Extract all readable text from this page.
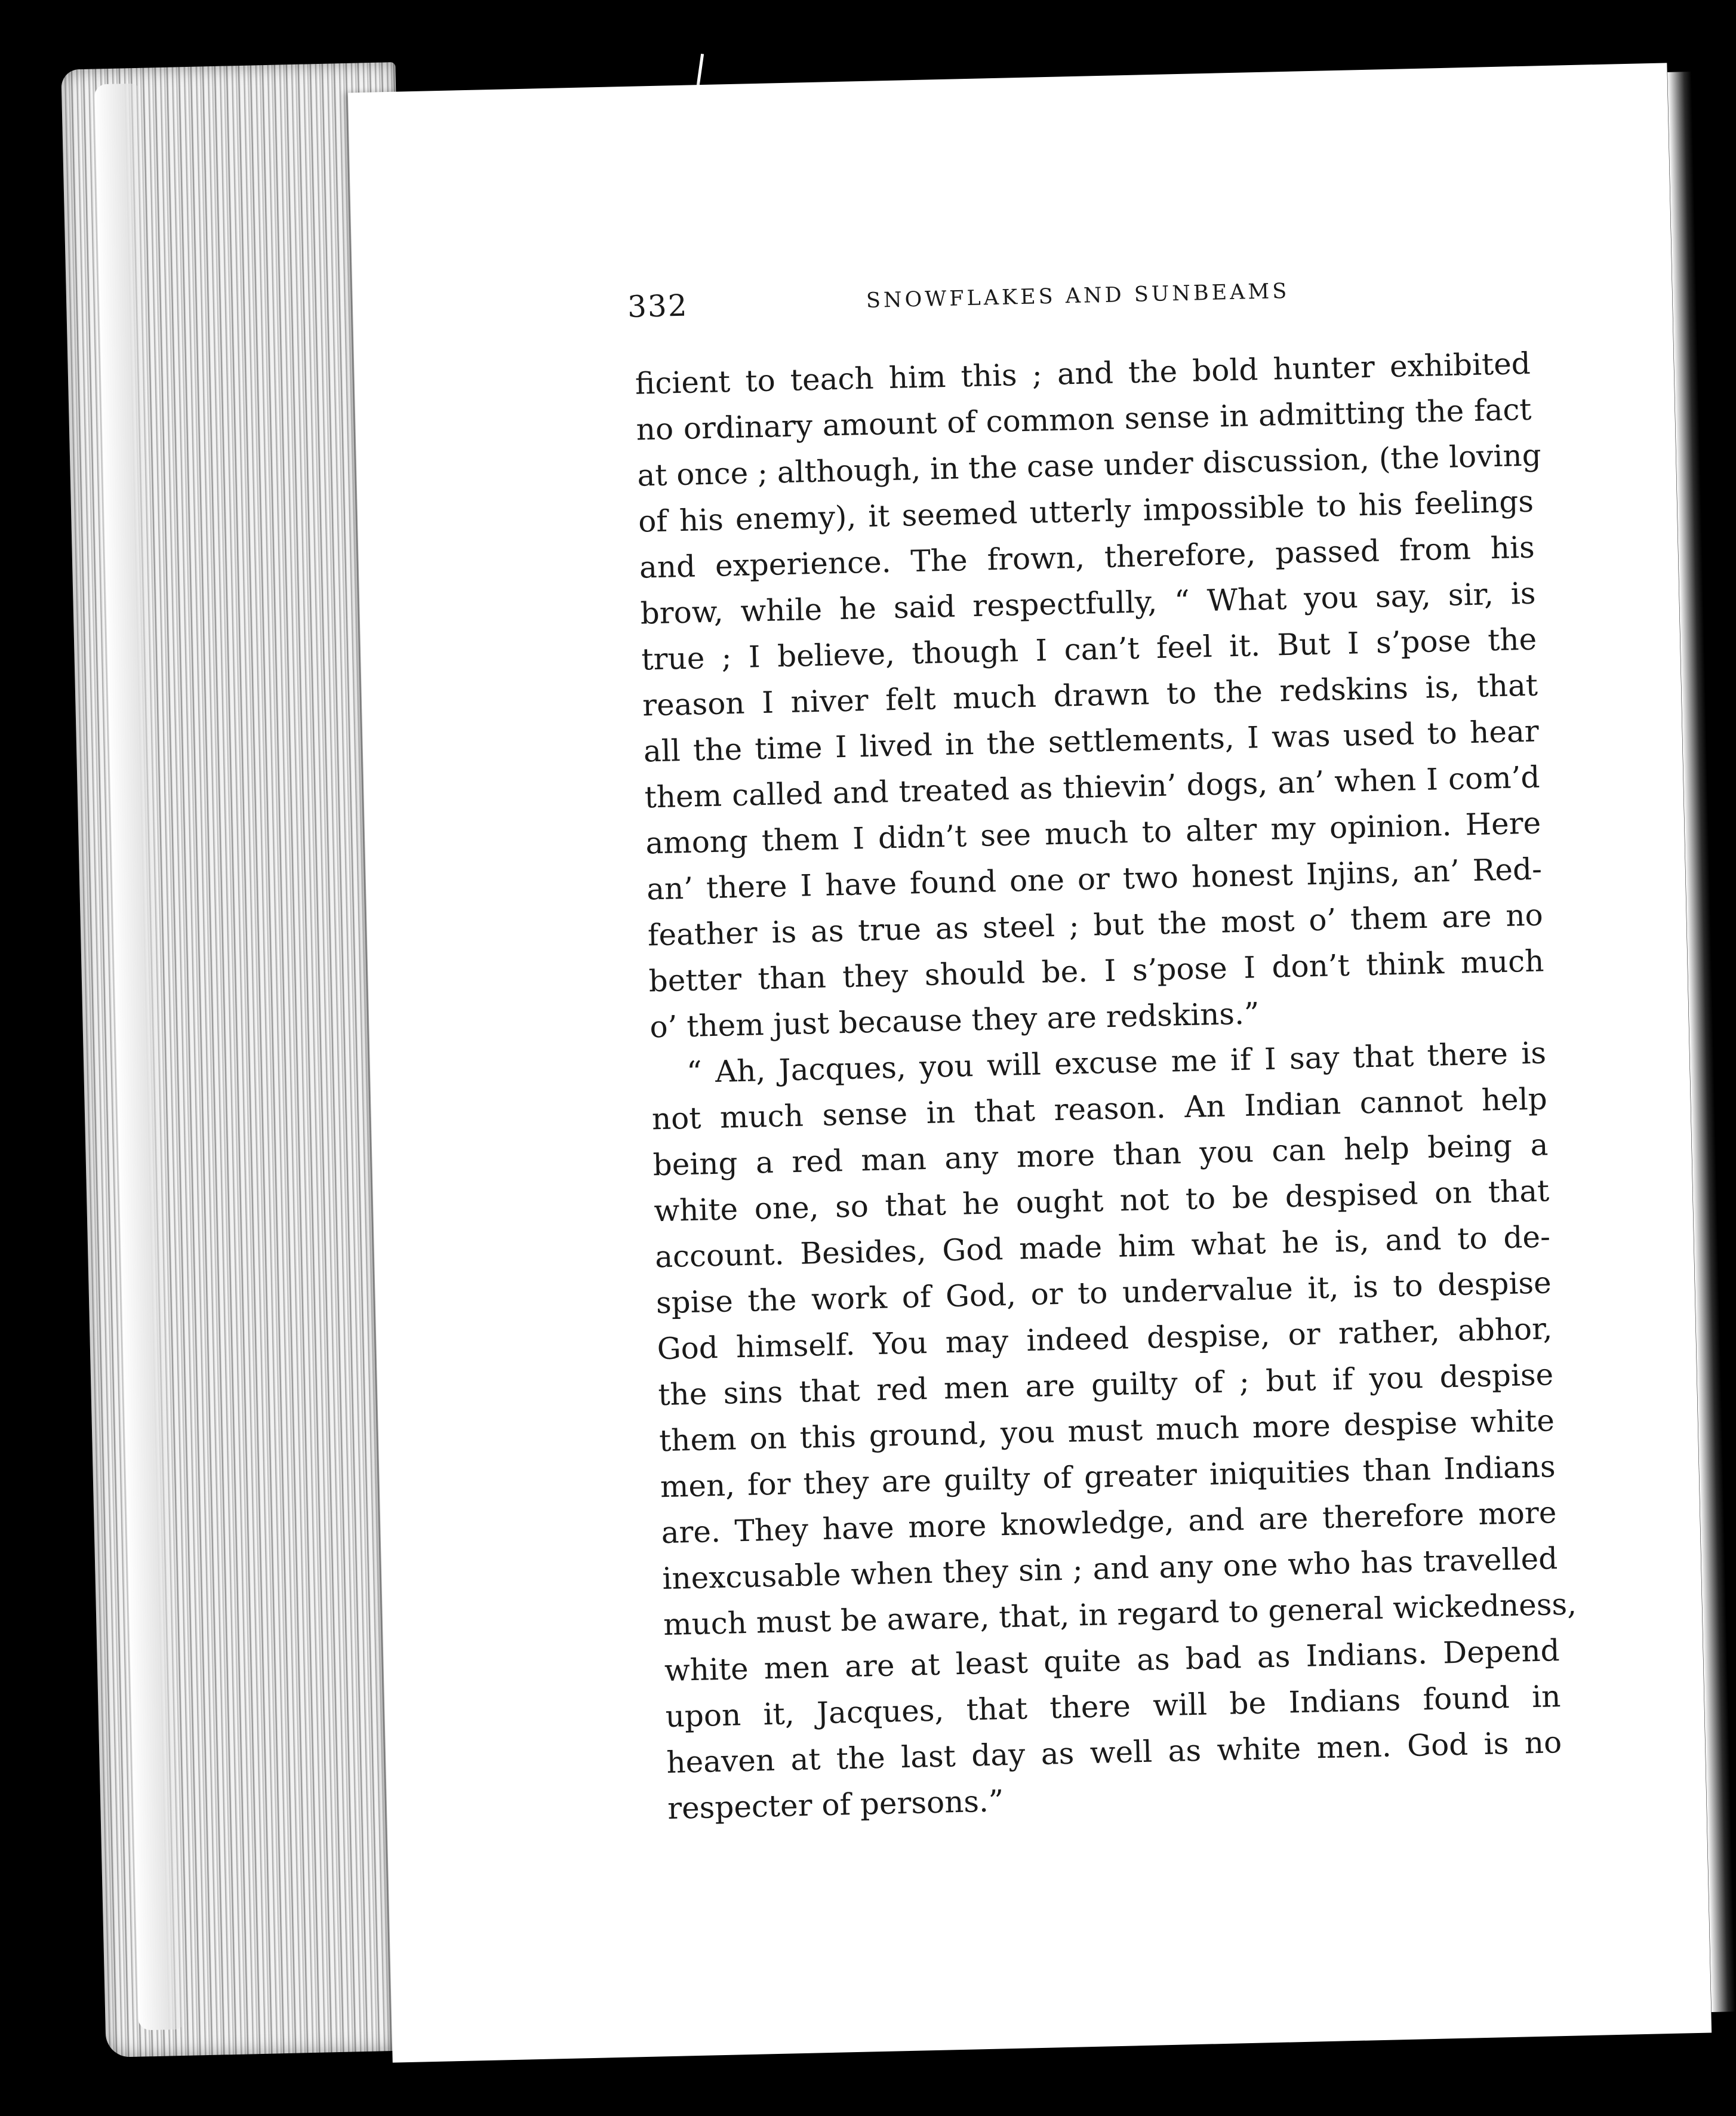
332	SNOWFLAKES AND SUNBEAMS
ficient to teach him this ; and the bold hunter exhibited
no ordinary amount of common sense in admitting the fact
at once ; although, in the case under discussion, (the loving
of his enemy), it seemed utterly impossible to his feelings
and experience. The frown, therefore, passed from his
brow, while he said respectfully, “ What you say, sir, is
true ; I believe, though I can’t feel it. But I s’pose the
reason I niver felt much drawn to the redskins is, that
all the time I lived in the settlements, I was used to hear
them called and treated as thievin’ dogs, an’ when I com’d
among them I didn’t see much to alter my opinion. Here
an’ there I have found one or two honest Injins, an’ Red-
feather is as true as steel ; but the most o’ them are no
better than they should be. I s’pose I don’t think much
o’ them just because they are redskins.”
“ Ah, Jacques, you will excuse me if I say that there is
not much sense in that reason. An Indian cannot help
being a red man any more than you can help being a
white one, so that he ought not to be despised on that
account. Besides, God made him what he is, and to de-
spise the work of God, or to undervalue it, is to despise
God himself. You may indeed despise, or rather, abhor,
the sins that red men are guilty of ; but if you despise
them on this ground, you must much more despise white
men, for they are guilty of greater iniquities than Indians
are. They have more knowledge, and are therefore more
inexcusable when they sin ; and any one who has travelled
much must be aware, that, in regard to general wickedness,
white men are at least quite as bad as Indians. Depend
upon it, Jacques, that there will be Indians found in
heaven at the last day as well as white men. God is no
respecter of persons.”
